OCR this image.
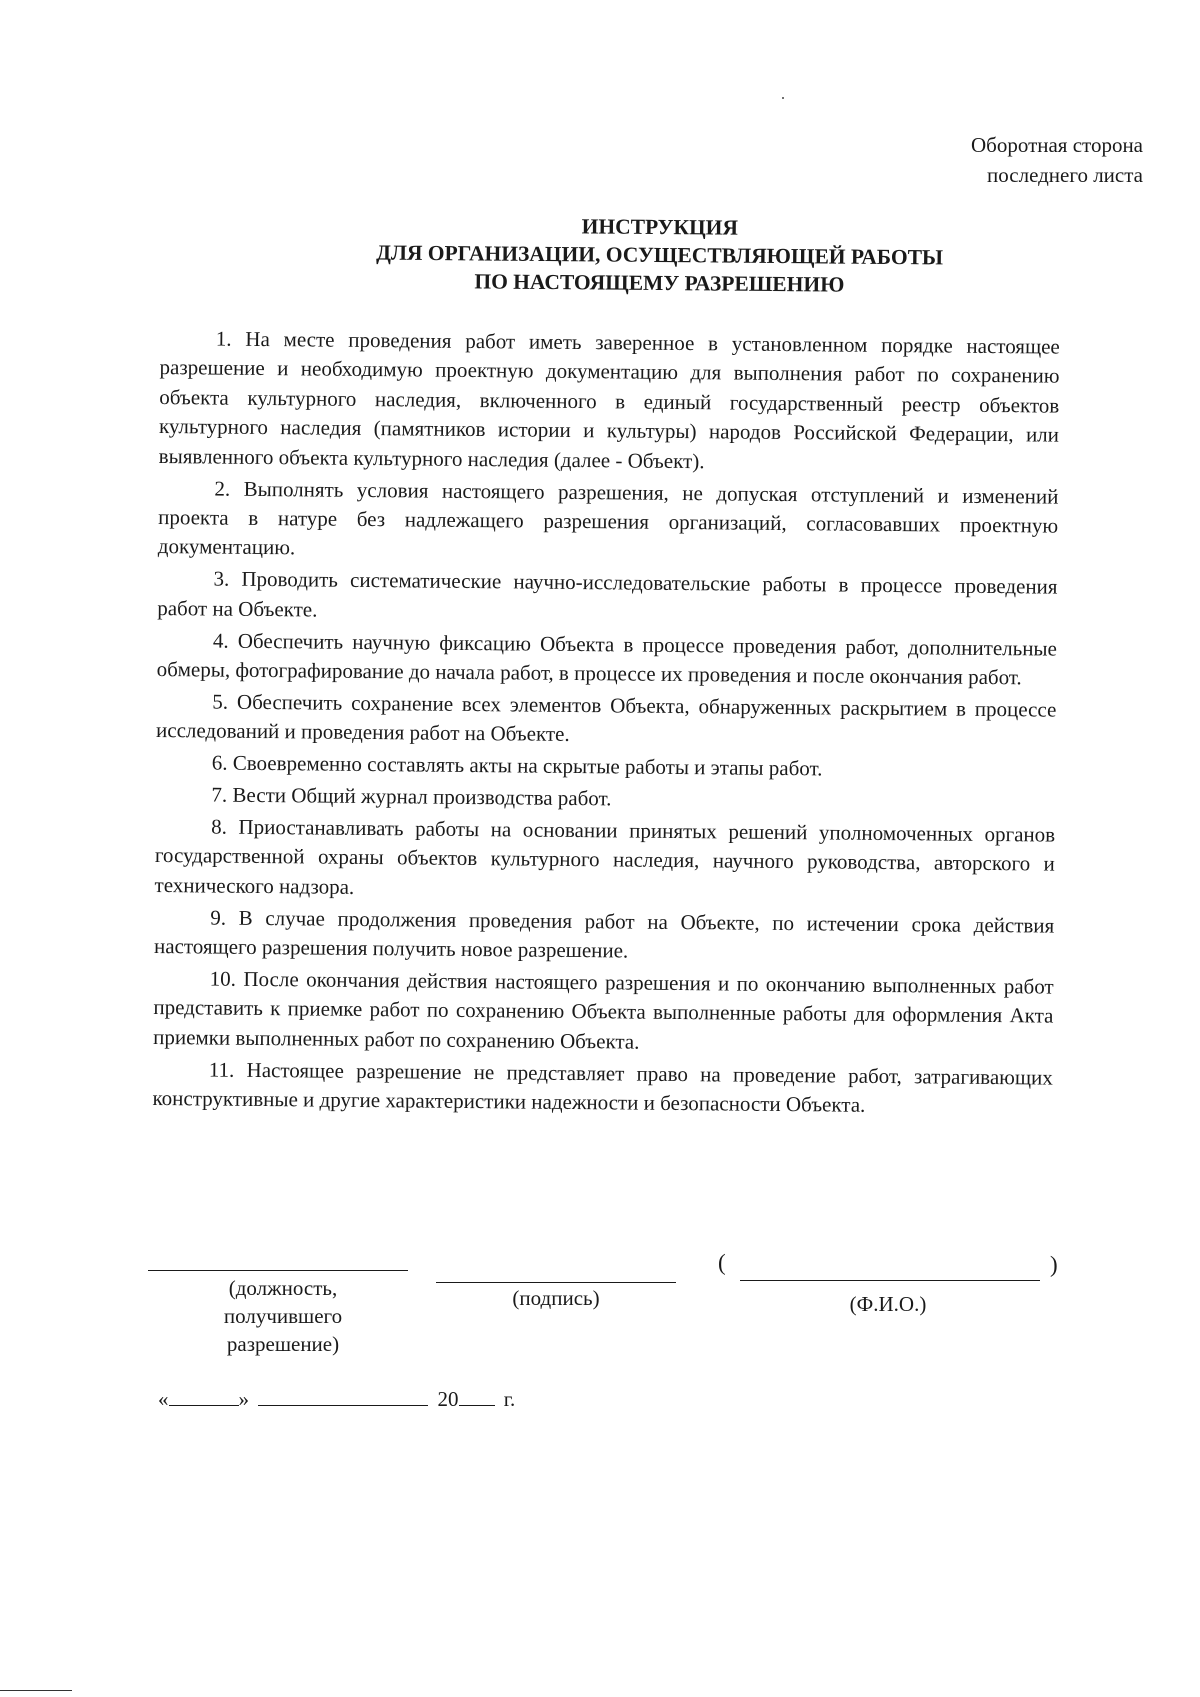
Оборотная сторона
последнего листа
ИНСТРУКЦИЯ
ДЛЯ ОРГАНИЗАЦИИ, ОСУЩЕСТВЛЯЮЩЕЙ РАБОТЫ
ПО НАСТОЯЩЕМУ РАЗРЕШЕНИЮ

1. На месте проведения работ иметь заверенное в установленном порядке настоящее разрешение и необходимую проектную документацию для выполнения работ по сохранению объекта культурного наследия, включенного в единый государственный реестр объектов культурного наследия (памятников истории и культуры) народов Российской Федерации, или выявленного объекта культурного наследия (далее - Объект).

2. Выполнять условия настоящего разрешения, не допуская отступлений и изменений проекта в натуре без надлежащего разрешения организаций, согласовавших проектную документацию.

3. Проводить систематические научно-исследовательские работы в процессе проведения работ на Объекте.

4. Обеспечить научную фиксацию Объекта в процессе проведения работ, дополнительные обмеры, фотографирование до начала работ, в процессе их проведения и после окончания работ.

5. Обеспечить сохранение всех элементов Объекта, обнаруженных раскрытием в процессе исследований и проведения работ на Объекте.

6. Своевременно составлять акты на скрытые работы и этапы работ.

7. Вести Общий журнал производства работ.

8. Приостанавливать работы на основании принятых решений уполномоченных органов государственной охраны объектов культурного наследия, научного руководства, авторского и технического надзора.

9. В случае продолжения проведения работ на Объекте, по истечении срока действия настоящего разрешения получить новое разрешение.

10. После окончания действия настоящего разрешения и по окончанию выполненных работ представить к приемке работ по сохранению Объекта выполненные работы для оформления Акта приемки выполненных работ по сохранению Объекта.

11. Настоящее разрешение не представляет право на проведение работ, затрагивающих конструктивные и другие характеристики надежности и безопасности Объекта.

(должность,
получившего
разрешение)
(подпись)
(	)
(Ф.И.О.)
«	»	20 г.
